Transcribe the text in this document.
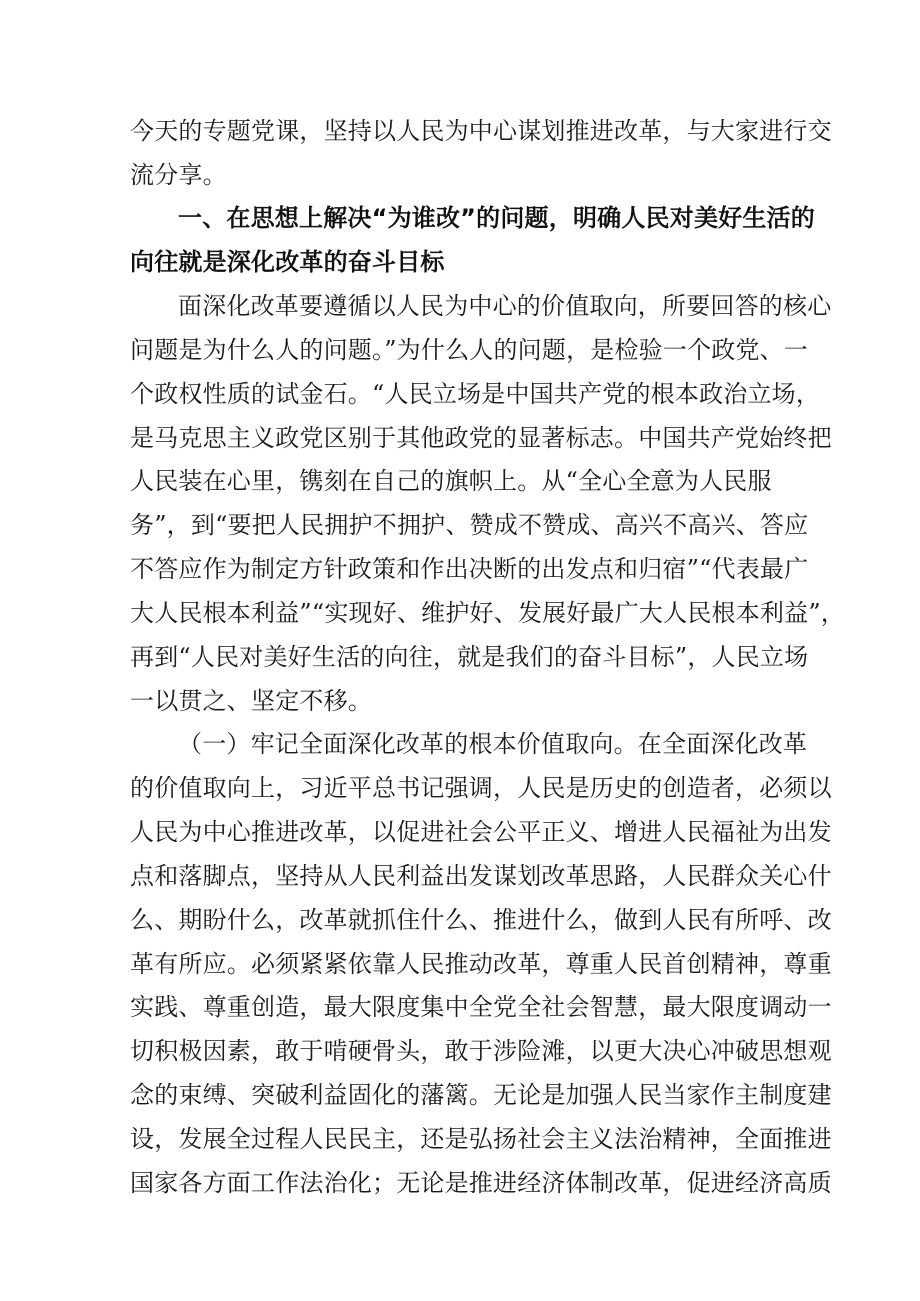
今天的专题党课，坚持以人民为中心谋划推进改革，与大家进行交
流分享。
一、在思想上解决“为谁改”的问题，明确人民对美好生活的
向往就是深化改革的奋斗目标
面深化改革要遵循以人民为中心的价值取向，所要回答的核心
问题是为什么人的问题。”为什么人的问题，是检验一个政党、一
个政权性质的试金石。“人民立场是中国共产党的根本政治立场，
是马克思主义政党区别于其他政党的显著标志。中国共产党始终把
人民装在心里，镌刻在自己的旗帜上。从“全心全意为人民服
务”，到“要把人民拥护不拥护、赞成不赞成、高兴不高兴、答应
不答应作为制定方针政策和作出决断的出发点和归宿”“代表最广
大人民根本利益”“实现好、维护好、发展好最广大人民根本利益”，
再到“人民对美好生活的向往，就是我们的奋斗目标”，人民立场
一以贯之、坚定不移。
（一）牢记全面深化改革的根本价值取向。在全面深化改革
的价值取向上，习近平总书记强调，人民是历史的创造者，必须以
人民为中心推进改革，以促进社会公平正义、增进人民福祉为出发
点和落脚点，坚持从人民利益出发谋划改革思路，人民群众关心什
么、期盼什么，改革就抓住什么、推进什么，做到人民有所呼、改
革有所应。必须紧紧依靠人民推动改革，尊重人民首创精神，尊重
实践、尊重创造，最大限度集中全党全社会智慧，最大限度调动一
切积极因素，敢于啃硬骨头，敢于涉险滩，以更大决心冲破思想观
念的束缚、突破利益固化的藩篱。无论是加强人民当家作主制度建
设，发展全过程人民民主，还是弘扬社会主义法治精神，全面推进
国家各方面工作法治化；无论是推进经济体制改革，促进经济高质
